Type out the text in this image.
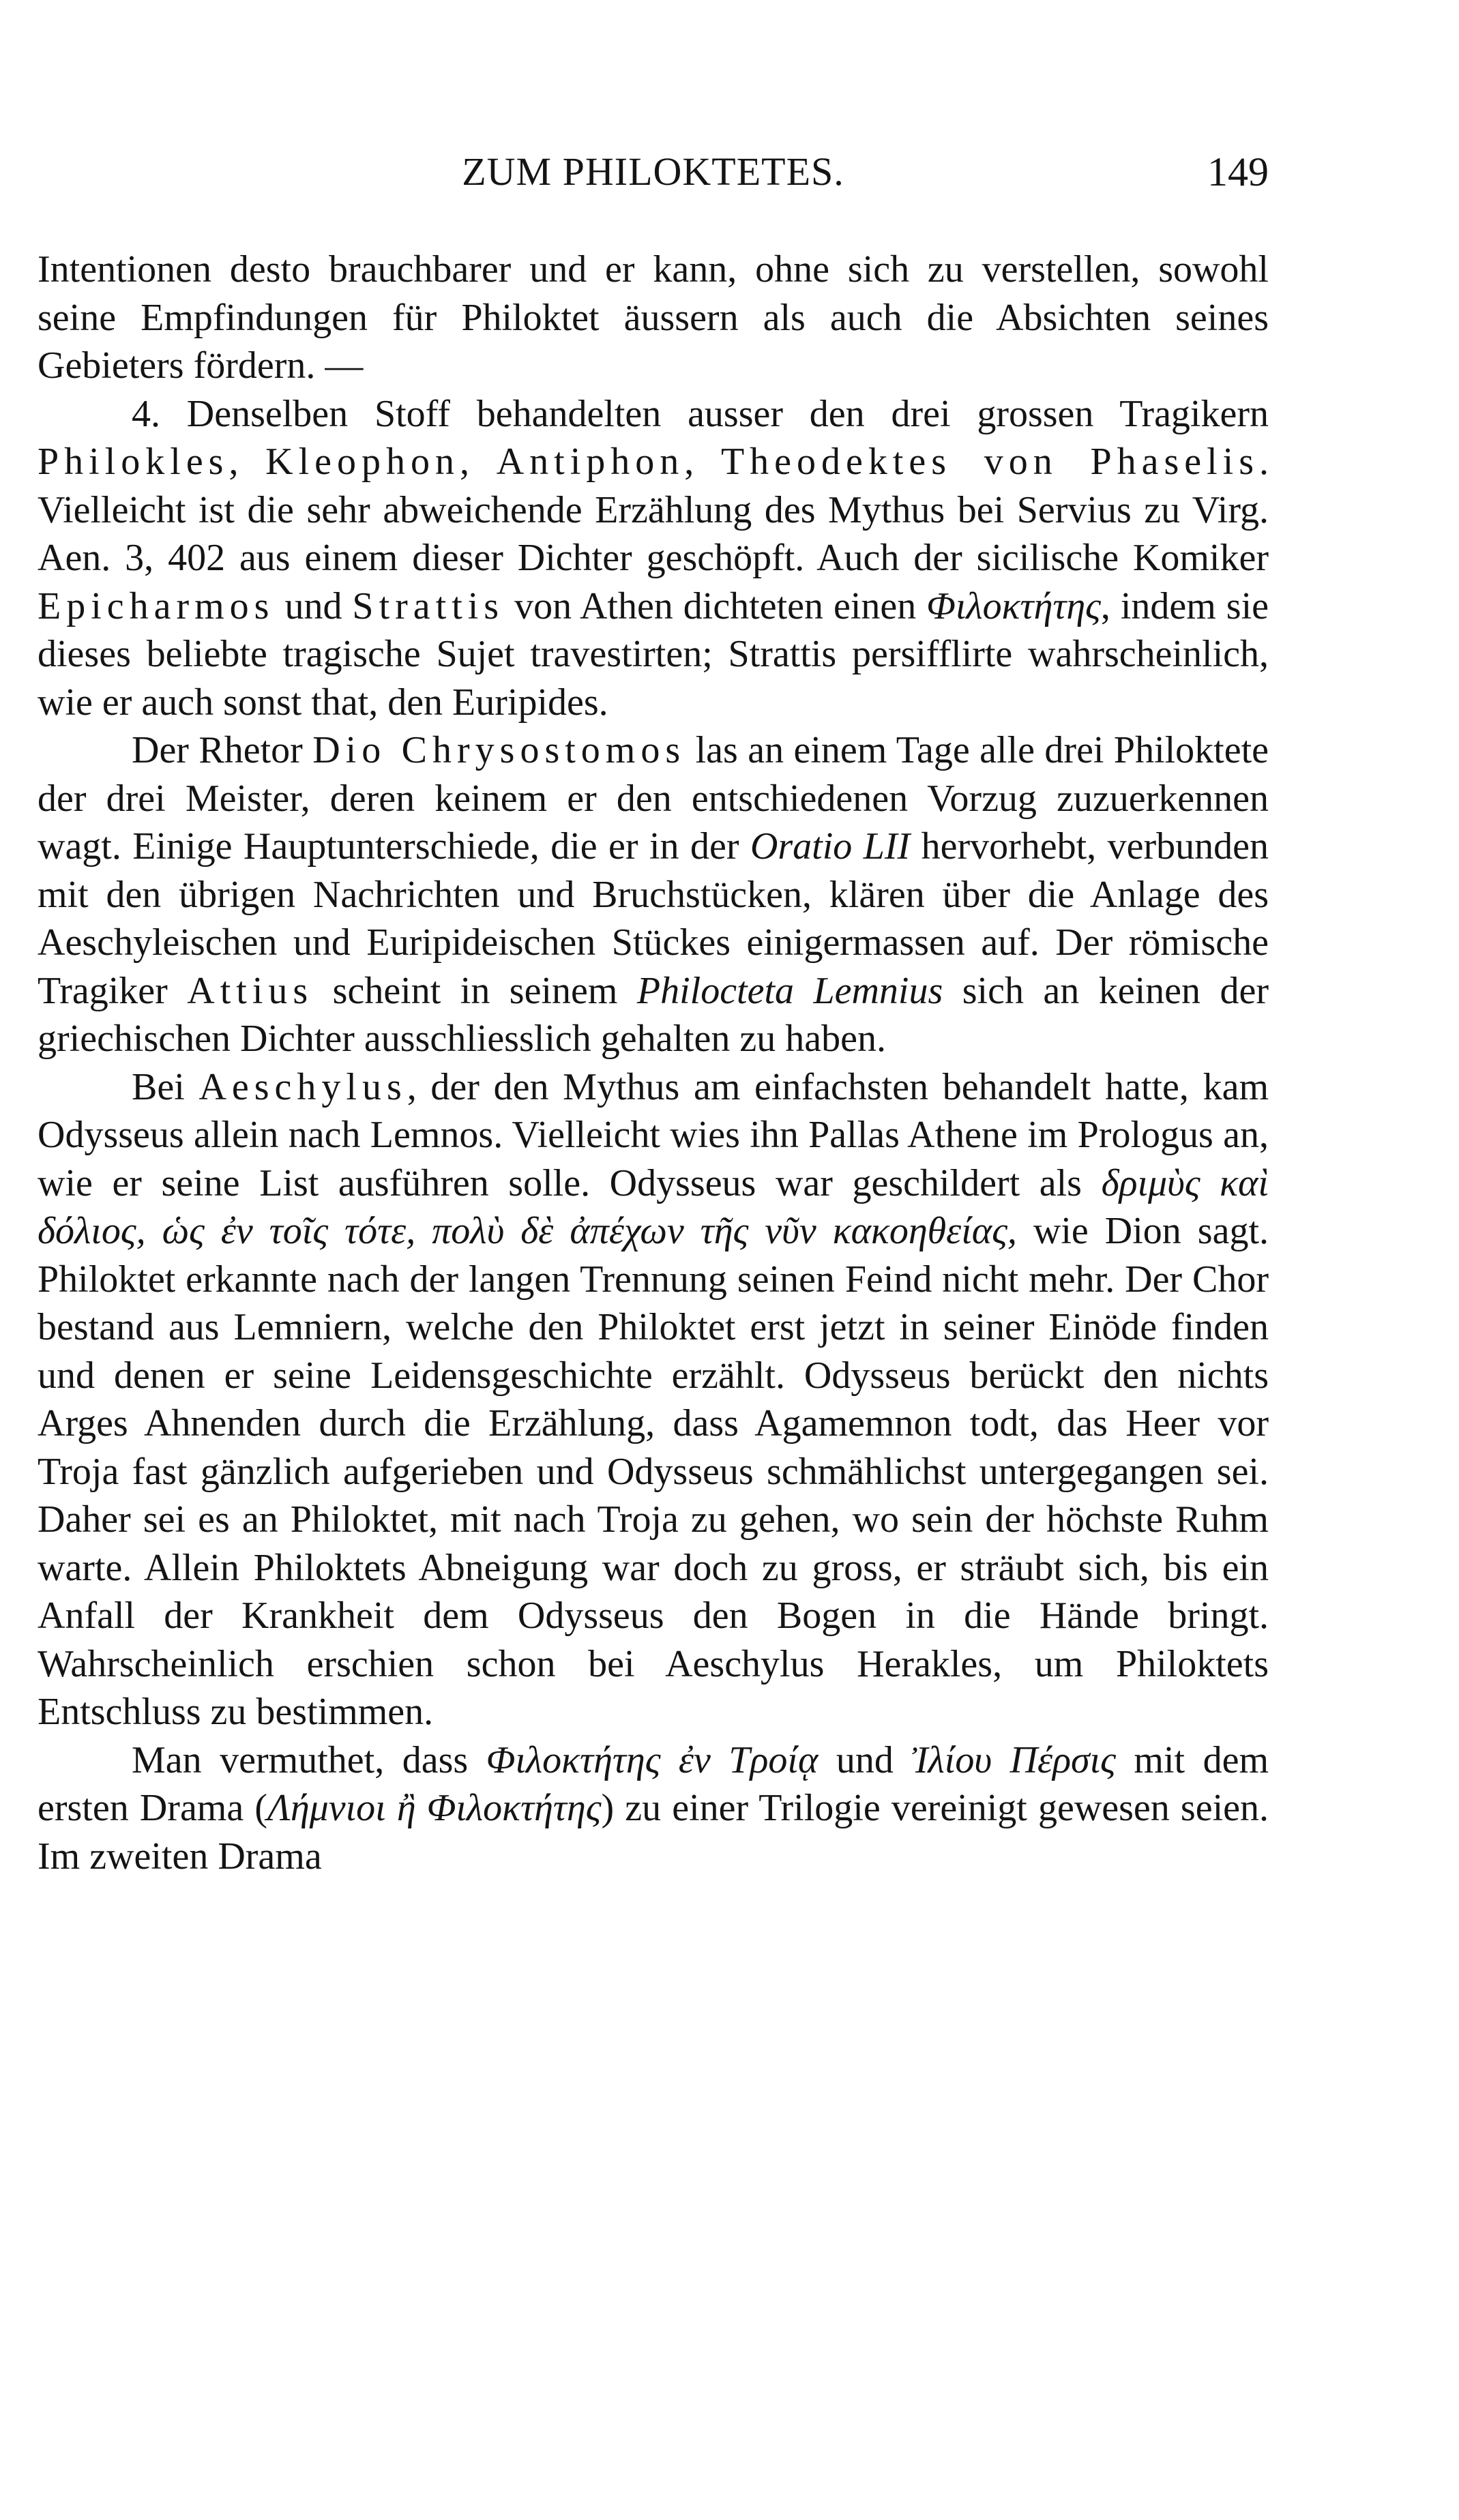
ZUM PHILOKTETES.	149

Intentionen desto brauchbarer und er kann, ohne sich zu verstellen, sowohl seine Empfindungen für Philoktet äussern als auch die Absichten seines Gebieters fördern. —

4. Denselben Stoff behandelten ausser den drei grossen Tragikern Philokles, Kleophon, Antiphon, Theodektes von Phaselis. Vielleicht ist die sehr abweichende Erzählung des Mythus bei Servius zu Virg. Aen. 3, 402 aus einem dieser Dichter geschöpft. Auch der sicilische Komiker Epicharmos und Strattis von Athen dichteten einen Φιλοκτήτης, indem sie dieses beliebte tragische Sujet travestirten; Strattis persifflirte wahrscheinlich, wie er auch sonst that, den Euripides.

Der Rhetor Dio Chrysostomos las an einem Tage alle drei Philoktete der drei Meister, deren keinem er den entschiedenen Vorzug zuzuerkennen wagt. Einige Hauptunterschiede, die er in der Oratio LII hervorhebt, verbunden mit den übrigen Nachrichten und Bruchstücken, klären über die Anlage des Aeschyleischen und Euripideischen Stückes einigermassen auf. Der römische Tragiker Attius scheint in seinem Philocteta Lemnius sich an keinen der griechischen Dichter ausschliesslich gehalten zu haben.

Bei Aeschylus, der den Mythus am einfachsten behandelt hatte, kam Odysseus allein nach Lemnos. Vielleicht wies ihn Pallas Athene im Prologus an, wie er seine List ausführen solle. Odysseus war geschildert als δριμὺς καὶ δόλιος, ὡς ἐν τοῖς τότε, πολὺ δὲ ἀπέχων τῆς νῦν κακοηθείας, wie Dion sagt. Philoktet erkannte nach der langen Trennung seinen Feind nicht mehr. Der Chor bestand aus Lemniern, welche den Philoktet erst jetzt in seiner Einöde finden und denen er seine Leidensgeschichte erzählt. Odysseus berückt den nichts Arges Ahnenden durch die Erzählung, dass Agamemnon todt, das Heer vor Troja fast gänzlich aufgerieben und Odysseus schmählichst untergegangen sei. Daher sei es an Philoktet, mit nach Troja zu gehen, wo sein der höchste Ruhm warte. Allein Philoktets Abneigung war doch zu gross, er sträubt sich, bis ein Anfall der Krankheit dem Odysseus den Bogen in die Hände bringt. Wahrscheinlich erschien schon bei Aeschylus Herakles, um Philoktets Entschluss zu bestimmen.

Man vermuthet, dass Φιλοκτήτης ἐν Τροίᾳ und Ἰλίου Πέρσις mit dem ersten Drama (Λήμνιοι ἢ Φιλοκτήτης) zu einer Trilogie vereinigt gewesen seien. Im zweiten Drama
